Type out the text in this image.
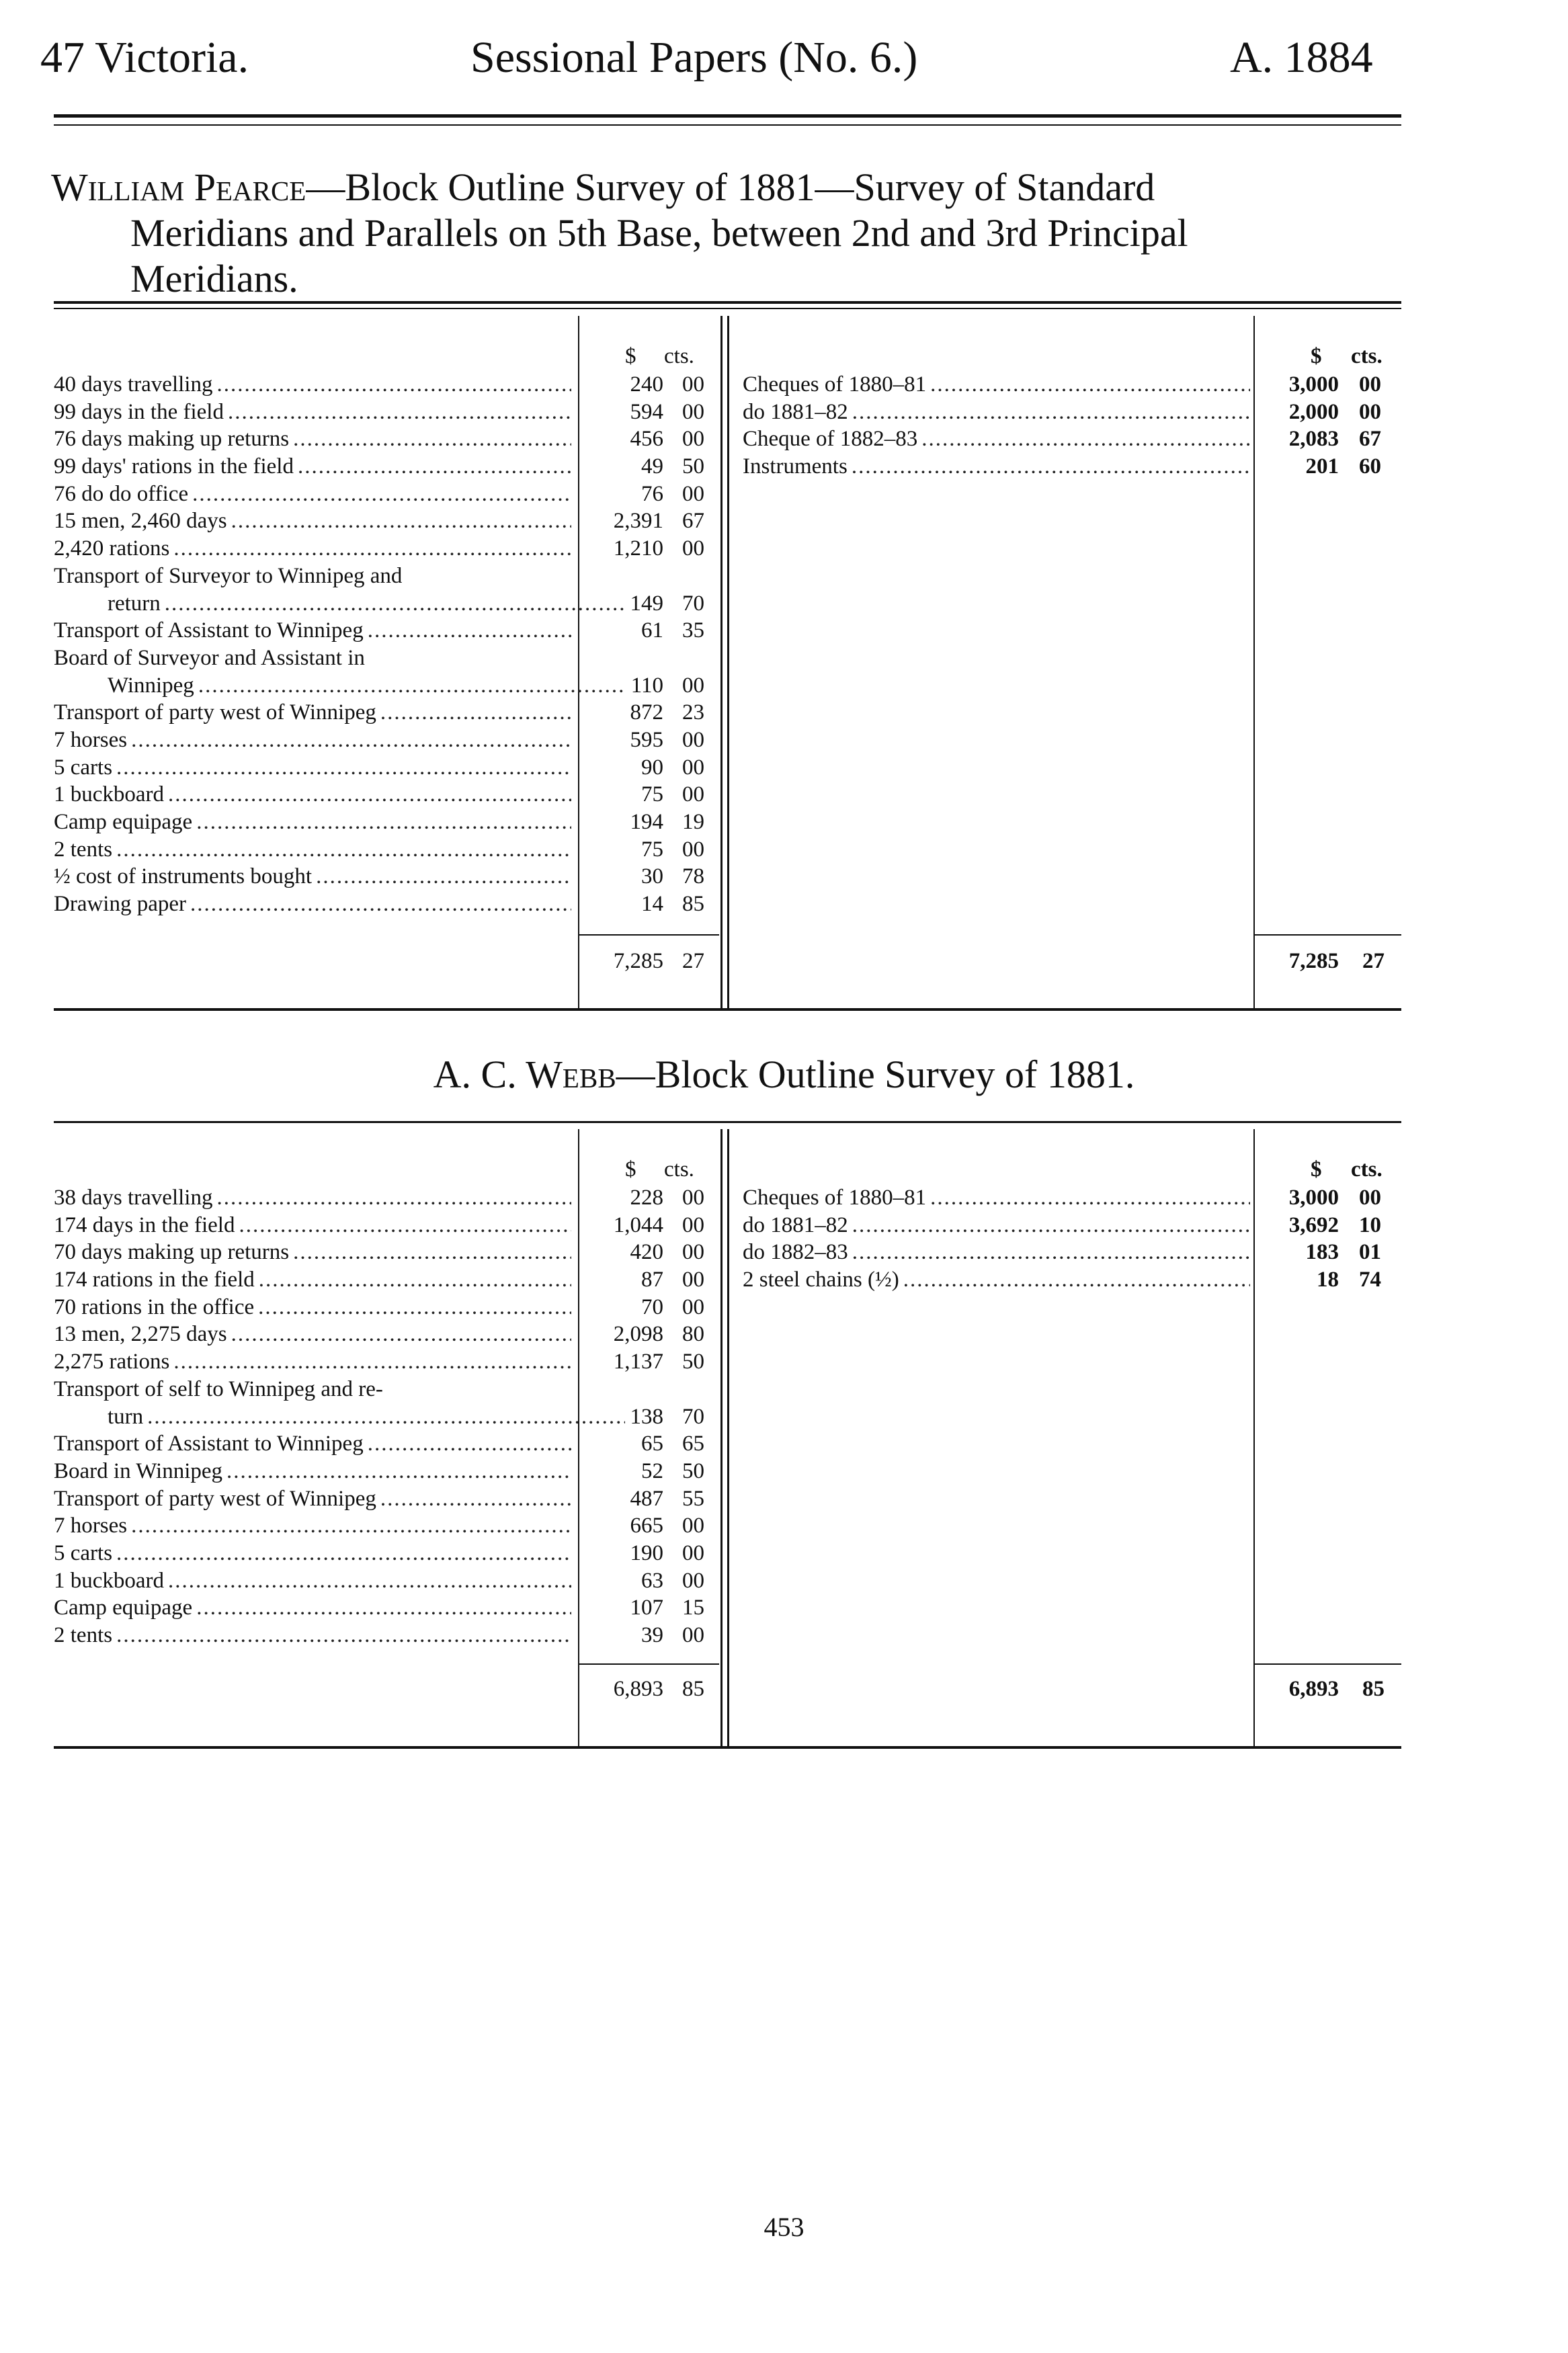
47 Victoria.	Sessional Papers (No. 6.)	A. 1884
William Pearce—Block Outline Survey of 1881—Survey of Standard
Meridians and Parallels on 5th Base, between 2nd and 3rd Principal
Meridians.
$ cts.	$ cts.
40 days travelling .....	240 00
99 days in the field .....	594 00
76 days making up returns .....	456 00
99 days' rations in the field .....	49 50
76 do do office .....	76 00
15 men, 2,460 days .....	2,391 67
2,420 rations .....	1,210 00
Transport of Surveyor to Winnipeg and
return .....	149 70
Transport of Assistant to Winnipeg .....	61 35
Board of Surveyor and Assistant in
Winnipeg .....	110 00
Transport of party west of Winnipeg .....	872 23
7 horses .....	595 00
5 carts .....	90 00
1 buckboard .....	75 00
Camp equipage .....	194 19
2 tents .....	75 00
½ cost of instruments bought .....	30 78
Drawing paper .....	14 85
Cheques of 1880–81 .....	3,000 00
do 1881–82 .....	2,000 00
Cheque of 1882–83 .....	2,083 67
Instruments .....	201 60
7,285 27	7,285	27
A. C. Webb—Block Outline Survey of 1881.
$ cts.	$ cts.
38 days travelling .....	228 00
174 days in the field .....	1,044 00
70 days making up returns .....	420 00
174 rations in the field .....	87 00
70 rations in the office .....	70 00
13 men, 2,275 days .....	2,098 80
2,275 rations .....	1,137 50
Transport of self to Winnipeg and re-
turn .....	138 70
Transport of Assistant to Winnipeg .....	65 65
Board in Winnipeg .....	52 50
Transport of party west of Winnipeg .....	487 55
7 horses .....	665 00
5 carts .....	190 00
1 buckboard .....	63 00
Camp equipage .....	107 15
2 tents .....	39 00
Cheques of 1880–81 .....	3,000 00
do 1881–82 .....	3,692 10
do 1882–83 .....	183 01
2 steel chains (½) .....	18 74
6,893 85	6,893	85
453
